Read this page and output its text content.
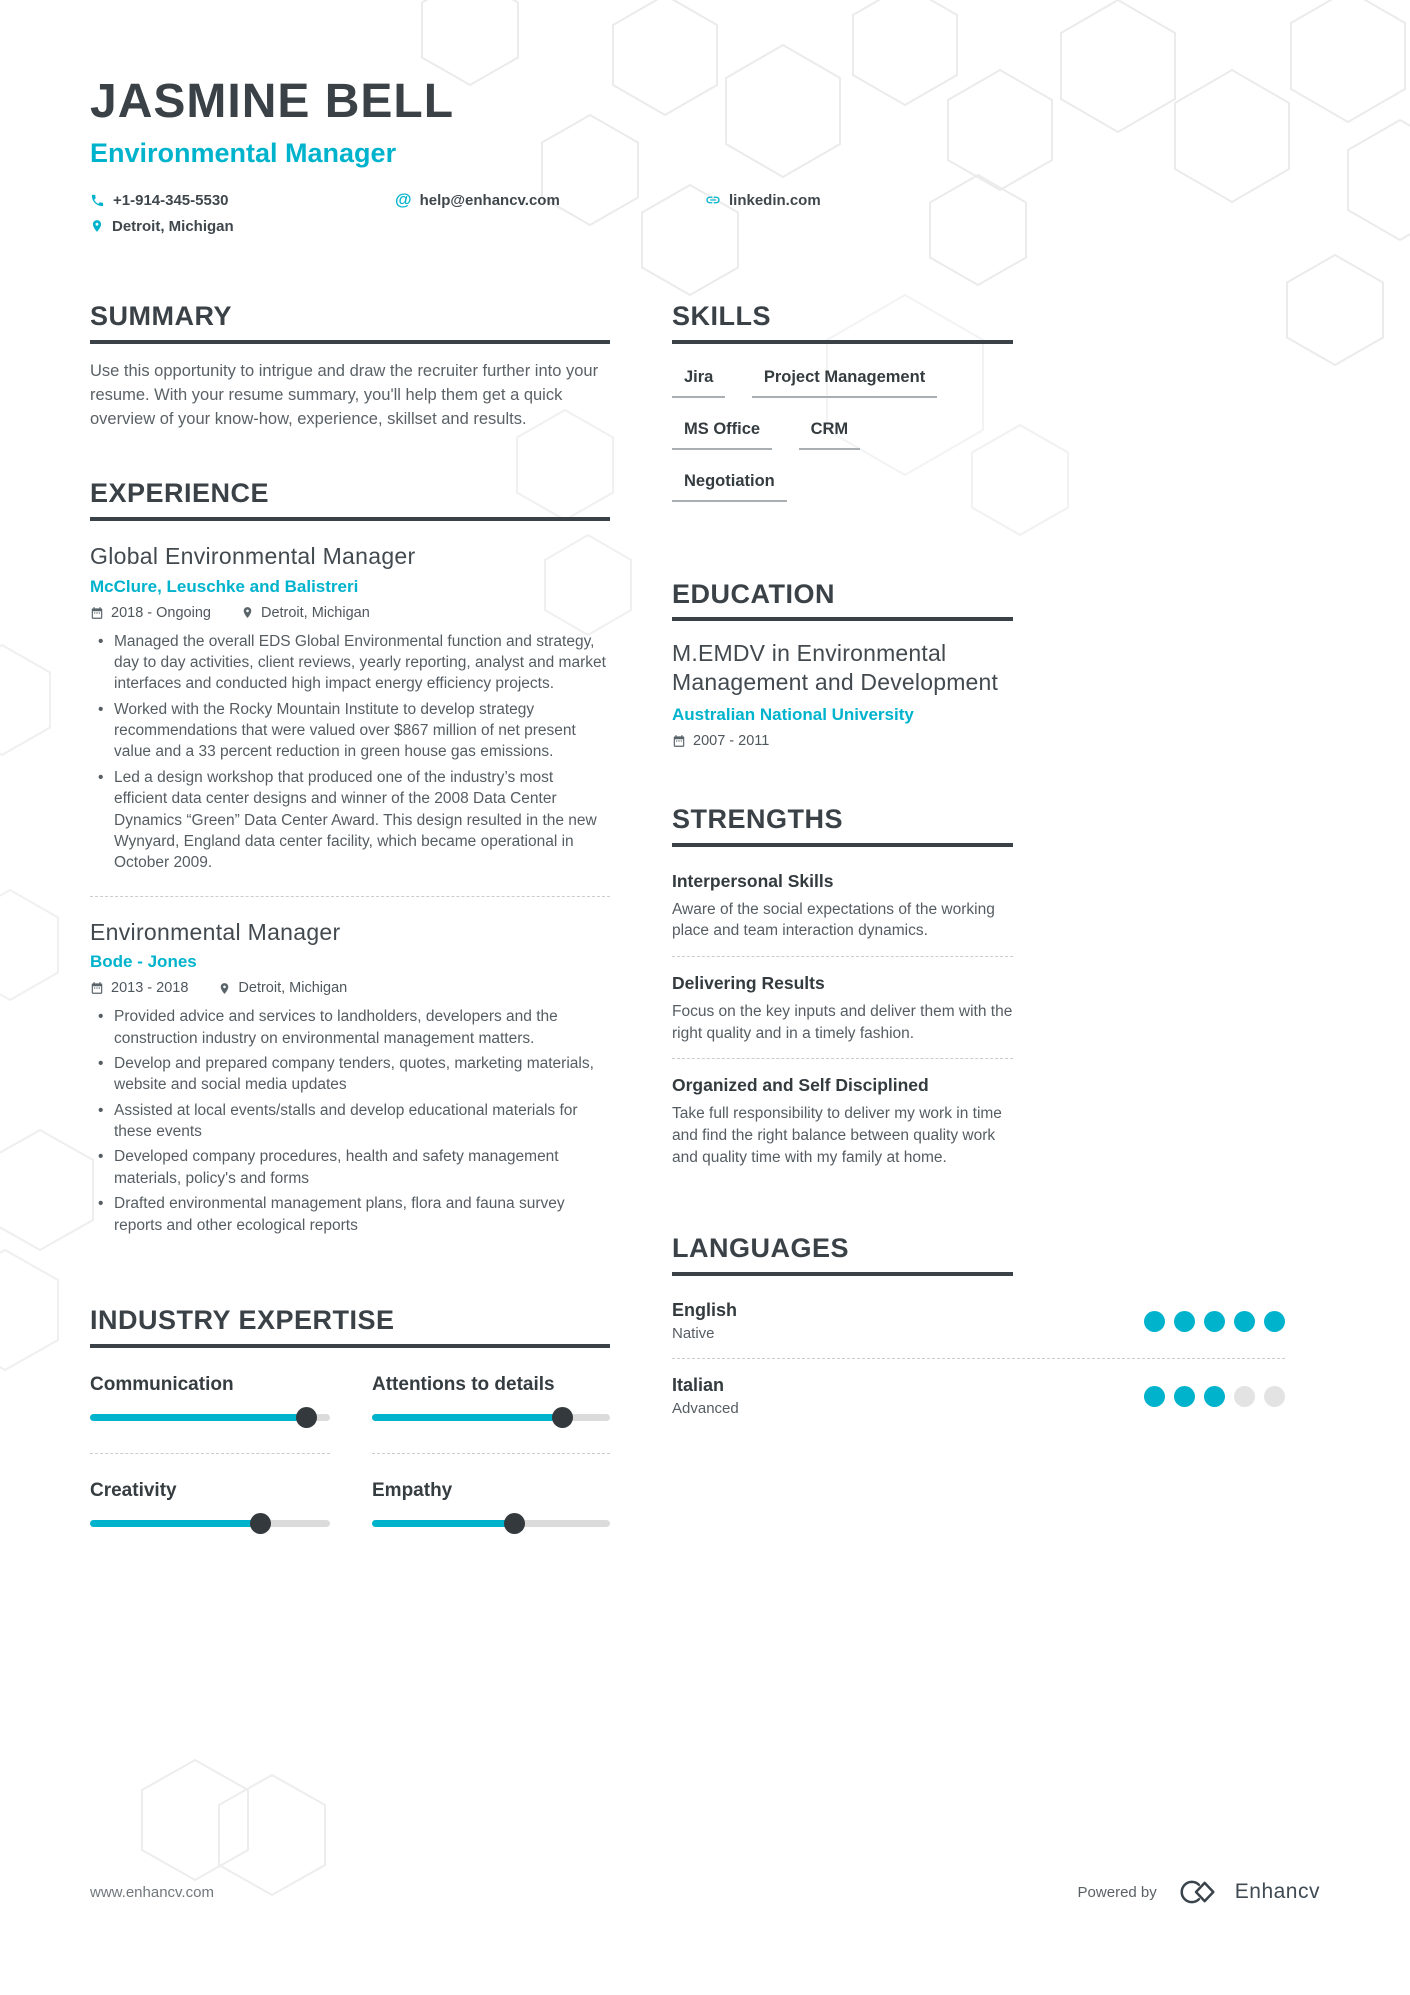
JASMINE BELL
Environmental Manager
+1-914-345-5530	@ help@enhancv.com	linkedin.com
Detroit, Michigan
SUMMARY
Use this opportunity to intrigue and draw the recruiter further into your resume. With your resume summary, you'll help them get a quick overview of your know-how, experience, skillset and results.
EXPERIENCE
Global Environmental Manager
McClure, Leuschke and Balistreri
2018 - Ongoing	Detroit, Michigan
• Managed the overall EDS Global Environmental function and strategy, day to day activities, client reviews, yearly reporting, analyst and market interfaces and conducted high impact energy efficiency projects.
• Worked with the Rocky Mountain Institute to develop strategy recommendations that were valued over $867 million of net present value and a 33 percent reduction in green house gas emissions.
• Led a design workshop that produced one of the industry’s most efficient data center designs and winner of the 2008 Data Center Dynamics “Green” Data Center Award. This design resulted in the new Wynyard, England data center facility, which became operational in October 2009.
Environmental Manager
Bode - Jones
2013 - 2018	Detroit, Michigan
• Provided advice and services to landholders, developers and the construction industry on environmental management matters.
• Develop and prepared company tenders, quotes, marketing materials, website and social media updates
• Assisted at local events/stalls and develop educational materials for these events
• Developed company procedures, health and safety management materials, policy's and forms
• Drafted environmental management plans, flora and fauna survey reports and other ecological reports
INDUSTRY EXPERTISE
Communication	Attentions to details
Creativity	Empathy
SKILLS
Jira	Project Management MS Office	CRM Negotiation
EDUCATION
M.EMDV in Environmental Management and Development
Australian National University
2007 - 2011
STRENGTHS
Interpersonal Skills
Aware of the social expectations of the working place and team interaction dynamics.
Delivering Results
Focus on the key inputs and deliver them with the right quality and in a timely fashion.
Organized and Self Disciplined
Take full responsibility to deliver my work in time and find the right balance between quality work and quality time with my family at home.
LANGUAGES
English
Native
Italian
Advanced
www.enhancv.com	Powered by	Enhancv
